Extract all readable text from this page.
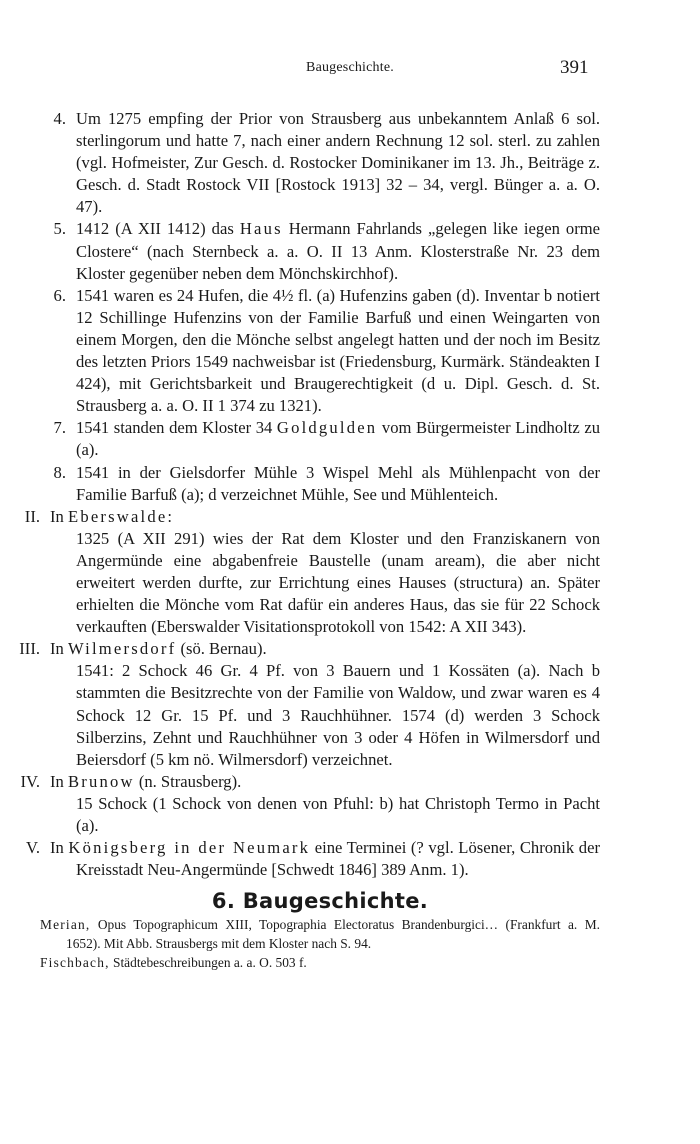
Baugeschichte.	391
4. Um 1275 empfing der Prior von Strausberg aus unbekanntem Anlaß 6 sol. sterlingorum und hatte 7, nach einer andern Rechnung 12 sol. sterl. zu zahlen (vgl. Hofmeister, Zur Gesch. d. Rostocker Dominikaner im 13. Jh., Beiträge z. Gesch. d. Stadt Rostock VII [Rostock 1913] 32 – 34, vergl. Bünger a. a. O. 47).
5. 1412 (A XII 1412) das Haus Hermann Fahrlands „gelegen like iegen orme Clostere“ (nach Sternbeck a. a. O. II 13 Anm. Klosterstraße Nr. 23 dem Kloster gegenüber neben dem Mönchskirchhof).
6. 1541 waren es 24 Hufen, die 4½ fl. (a) Hufenzins gaben (d). Inventar b notiert 12 Schillinge Hufenzins von der Familie Barfuß und einen Weingarten von einem Morgen, den die Mönche selbst angelegt hatten und der noch im Besitz des letzten Priors 1549 nachweisbar ist (Friedensburg, Kurmärk. Ständeakten I 424), mit Gerichtsbarkeit und Braugerechtigkeit (d u. Dipl. Gesch. d. St. Strausberg a. a. O. II 1 374 zu 1321).
7. 1541 standen dem Kloster 34 Goldgulden vom Bürgermeister Lindholtz zu (a).
8. 1541 in der Gielsdorfer Mühle 3 Wispel Mehl als Mühlenpacht von der Familie Barfuß (a); d verzeichnet Mühle, See und Mühlenteich.
II. In Eberswalde:
1325 (A XII 291) wies der Rat dem Kloster und den Franziskanern von Angermünde eine abgabenfreie Baustelle (unam aream), die aber nicht erweitert werden durfte, zur Errichtung eines Hauses (structura) an. Später erhielten die Mönche vom Rat dafür ein anderes Haus, das sie für 22 Schock verkauften (Eberswalder Visitationsprotokoll von 1542: A XII 343).
III. In Wilmersdorf (sö. Bernau).
1541: 2 Schock 46 Gr. 4 Pf. von 3 Bauern und 1 Kossäten (a). Nach b stammten die Besitzrechte von der Familie von Waldow, und zwar waren es 4 Schock 12 Gr. 15 Pf. und 3 Rauchhühner. 1574 (d) werden 3 Schock Silberzins, Zehnt und Rauchhühner von 3 oder 4 Höfen in Wilmersdorf und Beiersdorf (5 km nö. Wilmersdorf) verzeichnet.
IV. In Brunow (n. Strausberg).
15 Schock (1 Schock von denen von Pfuhl: b) hat Christoph Termo in Pacht (a).
V. In Königsberg in der Neumark eine Terminei (? vgl. Lösener, Chronik der Kreisstadt Neu-Angermünde [Schwedt 1846] 389 Anm. 1).
6. Baugeschichte.
Merian, Opus Topographicum XIII, Topographia Electoratus Brandenburgici… (Frankfurt a. M. 1652). Mit Abb. Strausbergs mit dem Kloster nach S. 94.
Fischbach, Städtebeschreibungen a. a. O. 503 f.
